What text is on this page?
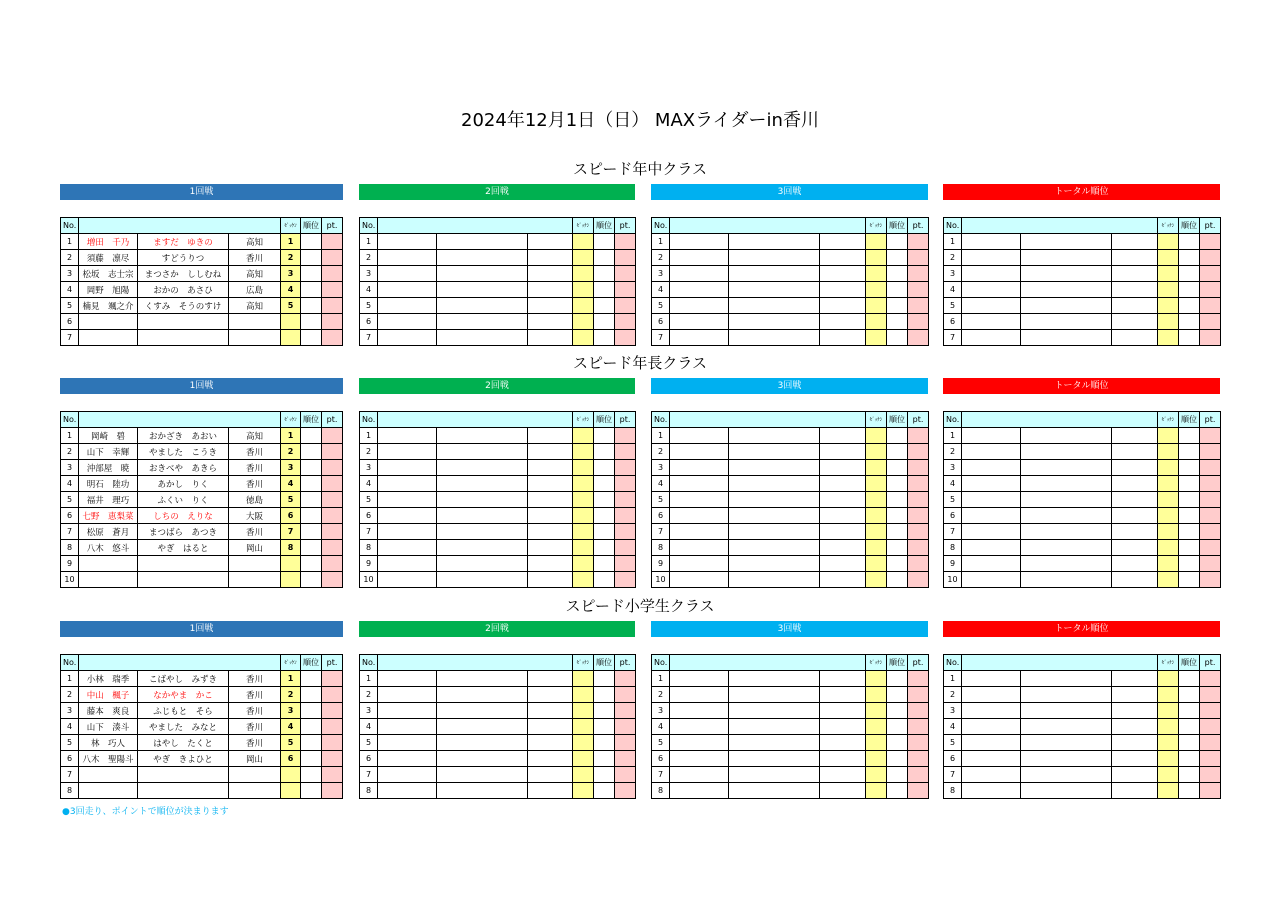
2024年12月1日（日） MAXライダーin香川
スピード年中クラス
1回戦
No.				ｾﾞｯｹﾝ	順位	pt.
1	増田　千乃	ますだ　ゆきの	高知	1		
2	須藤　凛尽	すどうりつ	香川	2		
3	松坂　志士宗	まつさか　ししむね	高知	3		
4	岡野　旭陽	おかの　あさひ	広島	4		
5	楠見　颯之介	くすみ　そうのすけ	高知	5		
6						
7						
2回戦
No.				ｾﾞｯｹﾝ	順位	pt.
1						
2						
3						
4						
5						
6						
7						
3回戦
No.				ｾﾞｯｹﾝ	順位	pt.
1						
2						
3						
4						
5						
6						
7						
トータル順位
No.				ｾﾞｯｹﾝ	順位	pt.
1						
2						
3						
4						
5						
6						
7						
スピード年長クラス
1回戦
No.				ｾﾞｯｹﾝ	順位	pt.
1	岡崎　碧	おかざき　あおい	高知	1		
2	山下　幸輝	やました　こうき	香川	2		
3	沖部屋　暁	おきべや　あきら	香川	3		
4	明石　陸功	あかし　りく	香川	4		
5	福井　理巧	ふくい　りく	徳島	5		
6	七野　恵梨菜	しちの　えりな	大阪	6		
7	松原　蒼月	まつばら　あつき	香川	7		
8	八木　悠斗	やぎ　はると	岡山	8		
9						
10						
2回戦
No.				ｾﾞｯｹﾝ	順位	pt.
1						
2						
3						
4						
5						
6						
7						
8						
9						
10						
3回戦
No.				ｾﾞｯｹﾝ	順位	pt.
1						
2						
3						
4						
5						
6						
7						
8						
9						
10						
トータル順位
No.				ｾﾞｯｹﾝ	順位	pt.
1						
2						
3						
4						
5						
6						
7						
8						
9						
10						
スピード小学生クラス
1回戦
No.				ｾﾞｯｹﾝ	順位	pt.
1	小林　瑞季	こばやし　みずき	香川	1		
2	中山　楓子	なかやま　かこ	香川	2		
3	藤本　爽良	ふじもと　そら	香川	3		
4	山下　湊斗	やました　みなと	香川	4		
5	林　巧人	はやし　たくと	香川	5		
6	八木　聖陽斗	やぎ　きよひと	岡山	6		
7						
8						
2回戦
No.				ｾﾞｯｹﾝ	順位	pt.
1						
2						
3						
4						
5						
6						
7						
8						
3回戦
No.				ｾﾞｯｹﾝ	順位	pt.
1						
2						
3						
4						
5						
6						
7						
8						
トータル順位
No.				ｾﾞｯｹﾝ	順位	pt.
1						
2						
3						
4						
5						
6						
7						
8						
●3回走り、ポイントで順位が決まります
